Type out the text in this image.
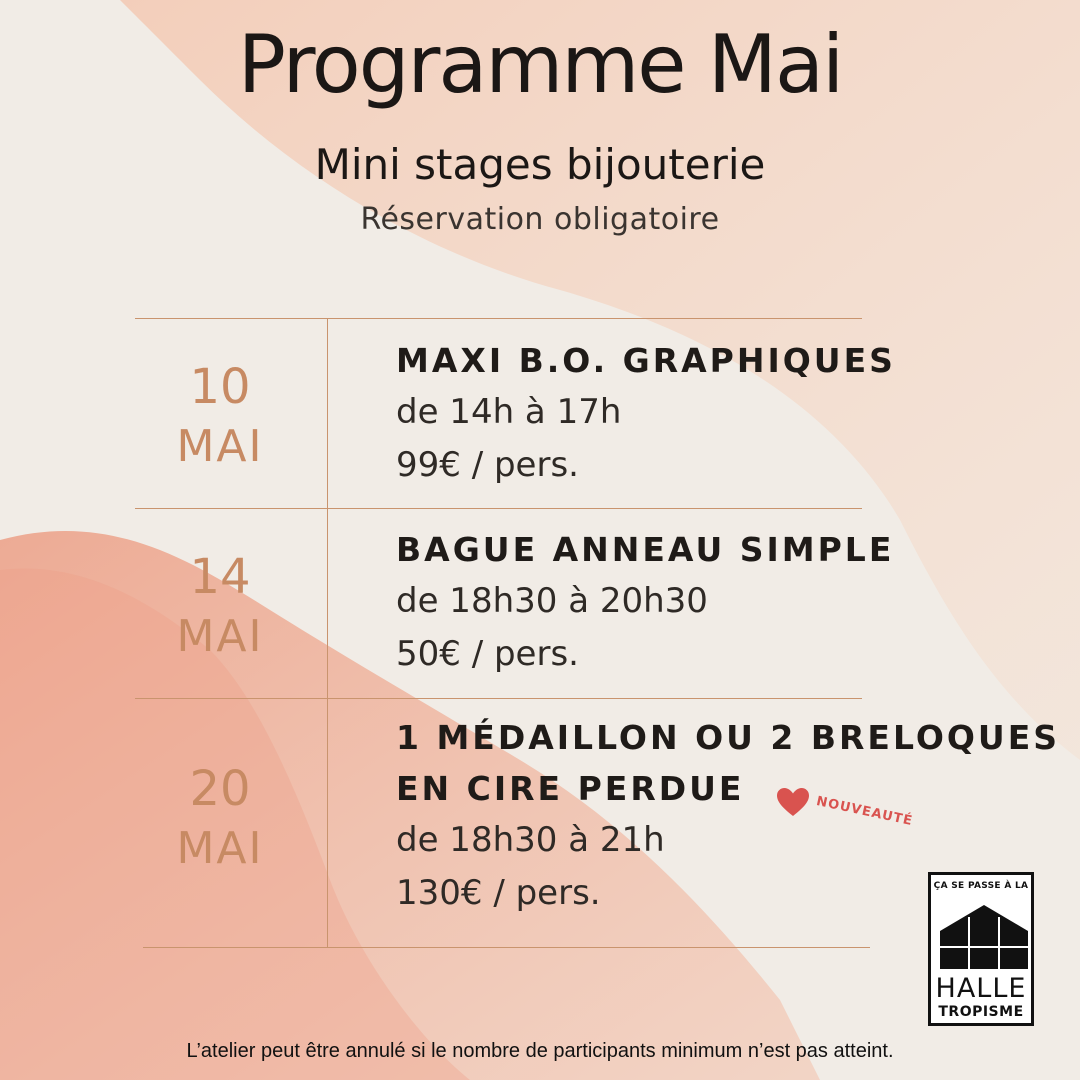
Programme Mai
Mini stages bijouterie
Réservation obligatoire
10
MAI
MAXI B.O. GRAPHIQUES
de 14h à 17h
99€ / pers.
14
MAI
BAGUE ANNEAU SIMPLE
de 18h30 à 20h30
50€ / pers.
20
MAI
1 MÉDAILLON OU 2 BRELOQUES
EN CIRE PERDUE
de 18h30 à 21h
130€ / pers.
NOUVEAUTÉ
ÇA SE PASSE À LA
HALLE
TROPISME
L’atelier peut être annulé si le nombre de participants minimum n’est pas atteint.
